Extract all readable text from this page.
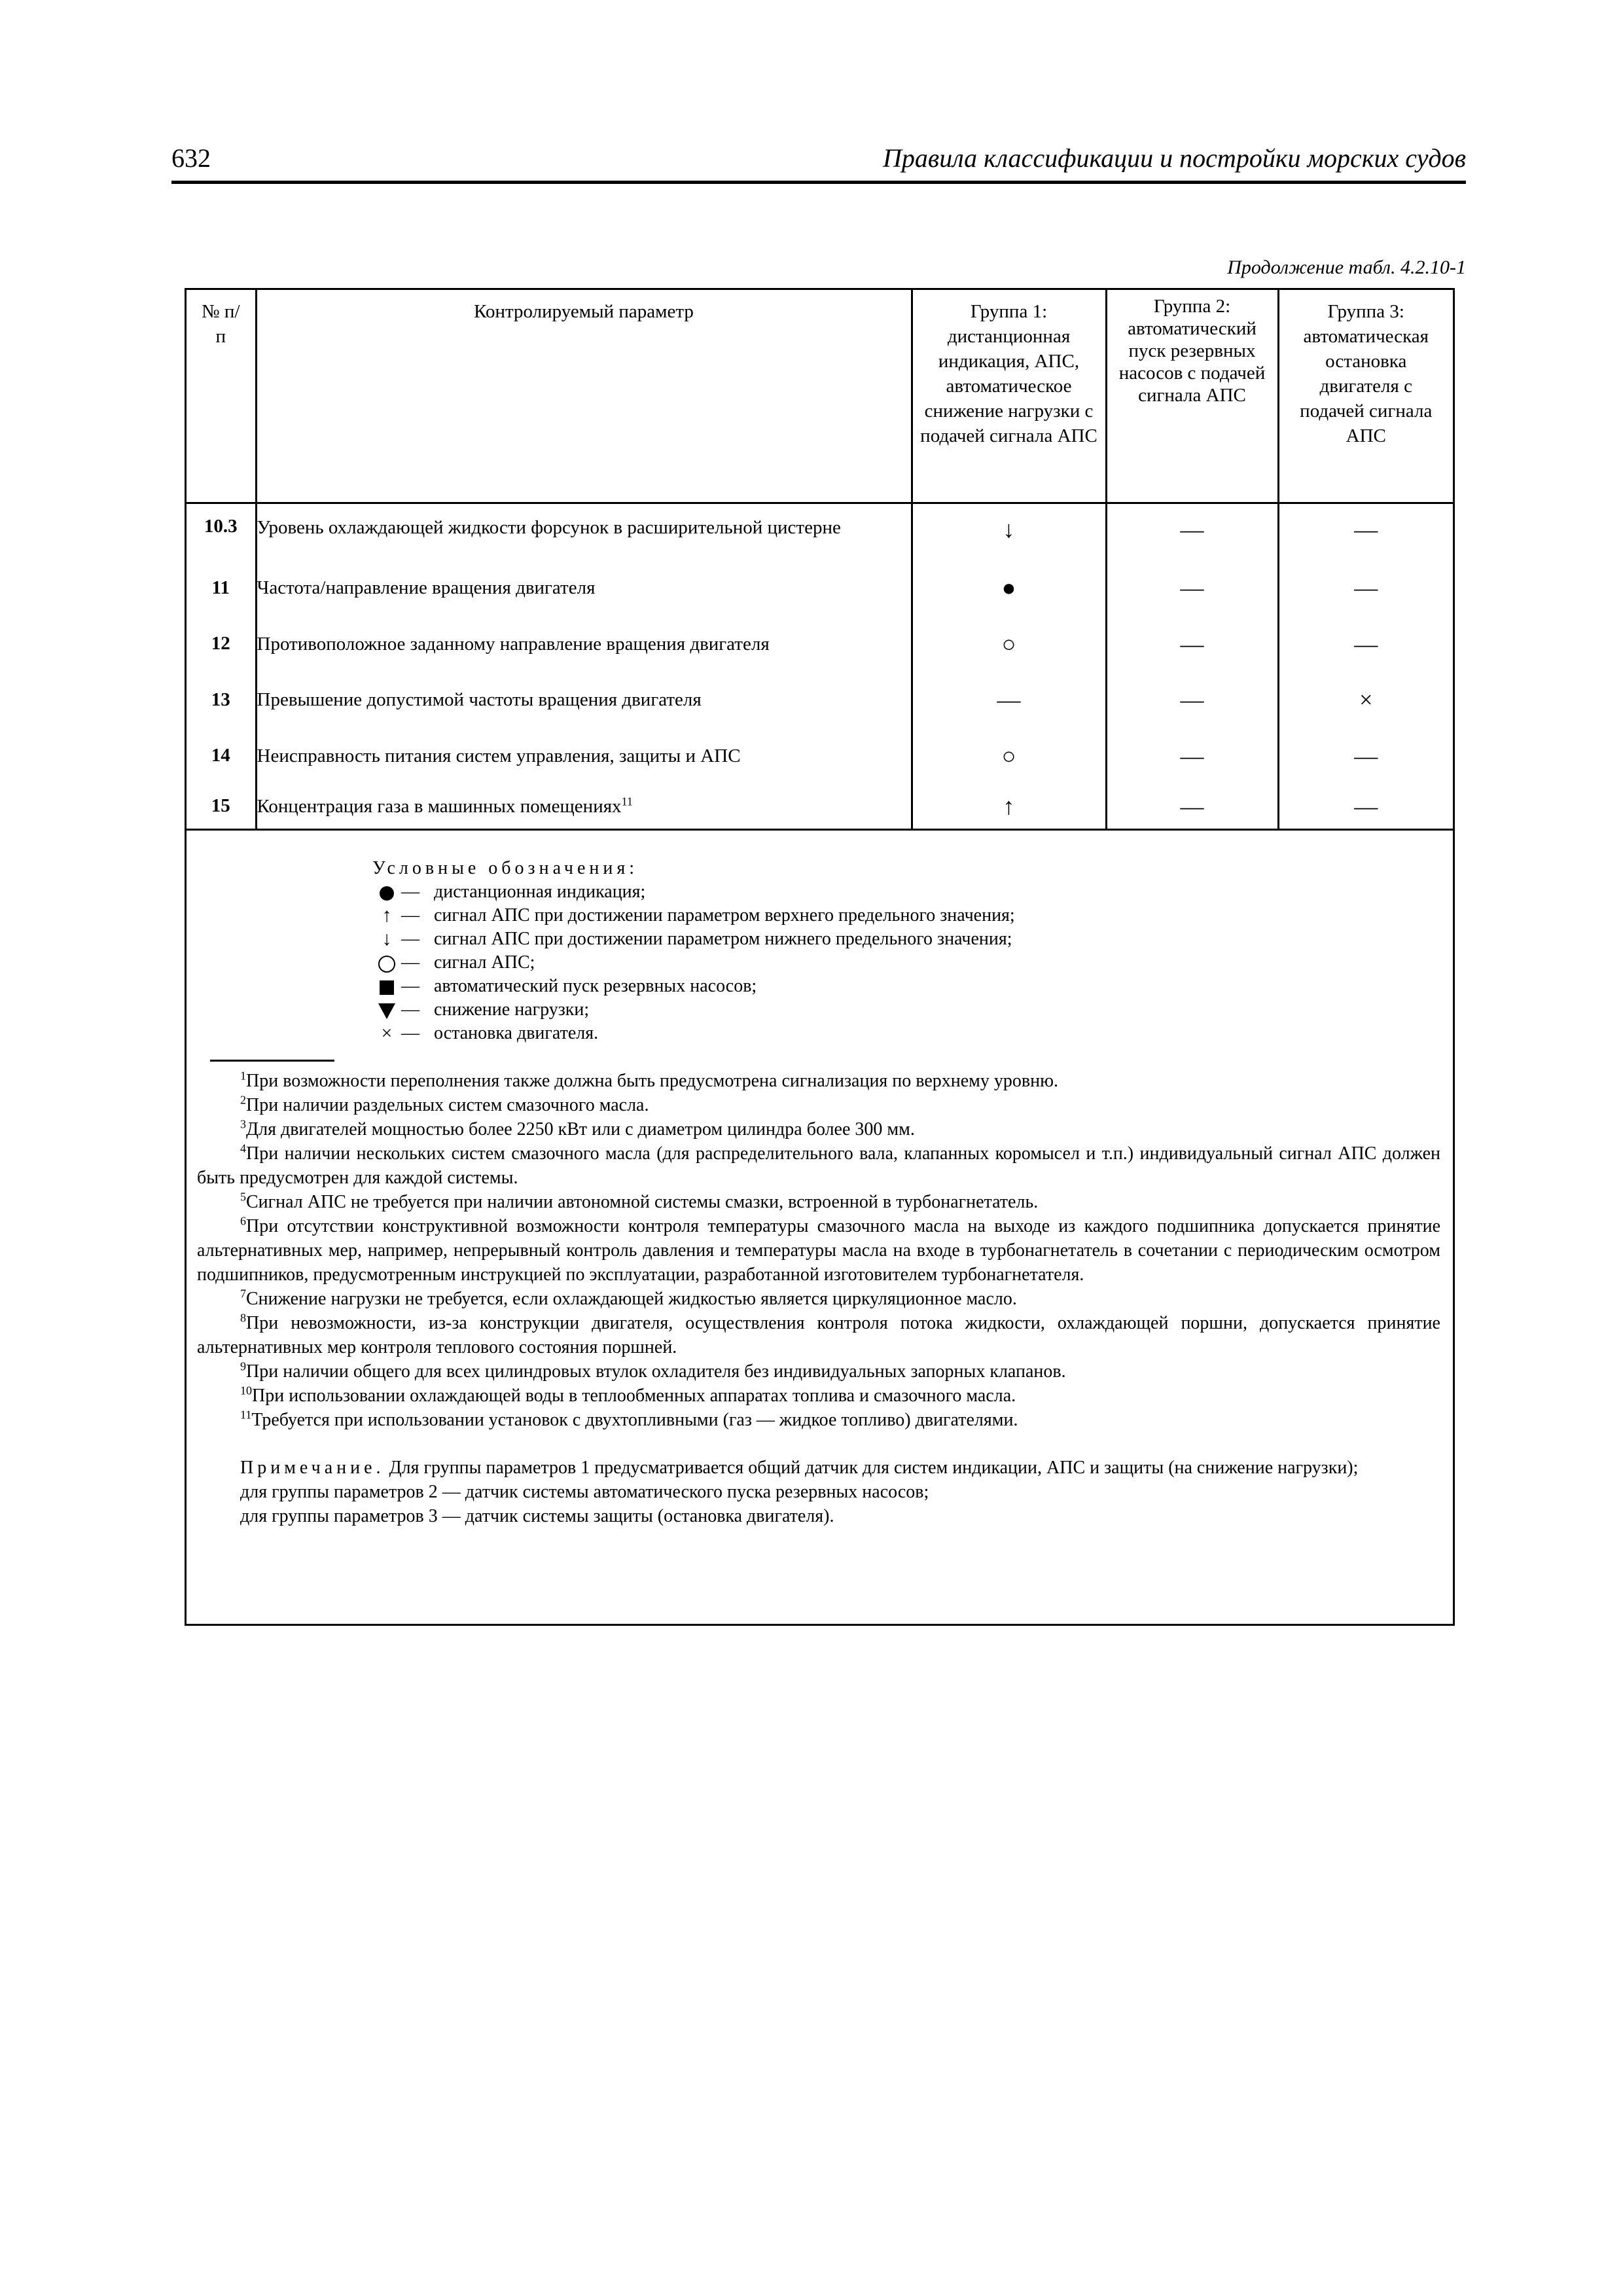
632	Правила классификации и постройки морских судов
Продолжение табл. 4.2.10-1
№ п/п	Контролируемый параметр	Группа 1: дистанционная индикация, АПС, автоматическое снижение нагрузки с подачей сигнала АПС	Группа 2: автоматический пуск резервных насосов с подачей сигнала АПС	Группа 3: автоматическая остановка двигателя с подачей сигнала АПС
10.3	Уровень охлаждающей жидкости форсунок в расширительной цистерне	↓	—	—
11	Частота/направление вращения двигателя	●	—	—
12	Противоположное заданному направление вращения двигателя	○	—	—
13	Превышение допустимой частоты вращения двигателя	—	—	×
14	Неисправность питания систем управления, защиты и АПС	○	—	—
15	Концентрация газа в машинных помещениях$^{11}$	↑	—	—
Условные обозначения:
— дистанционная индикация;
↑ — сигнал АПС при достижении параметром верхнего предельного значения;
↓ — сигнал АПС при достижении параметром нижнего предельного значения;
— сигнал АПС;
— автоматический пуск резервных насосов;
— снижение нагрузки;
× — остановка двигателя.
$^1$При возможности переполнения также должна быть предусмотрена сигнализация по верхнему уровню.
$^2$При наличии раздельных систем смазочного масла.
$^3$Для двигателей мощностью более 2250 кВт или с диаметром цилиндра более 300 мм.
$^4$При наличии нескольких систем смазочного масла (для распределительного вала, клапанных коромысел и т.п.) индивидуальный сигнал АПС должен быть предусмотрен для каждой системы.
$^5$Сигнал АПС не требуется при наличии автономной системы смазки, встроенной в турбонагнетатель.
$^6$При отсутствии конструктивной возможности контроля температуры смазочного масла на выходе из каждого подшипника допускается принятие альтернативных мер, например, непрерывный контроль давления и температуры масла на входе в турбонагнетатель в сочетании с периодическим осмотром подшипников, предусмотренным инструкцией по эксплуатации, разработанной изготовителем турбонагнетателя.
$^7$Снижение нагрузки не требуется, если охлаждающей жидкостью является циркуляционное масло.
$^8$При невозможности, из-за конструкции двигателя, осуществления контроля потока жидкости, охлаждающей поршни, допускается принятие альтернативных мер контроля теплового состояния поршней.
$^9$При наличии общего для всех цилиндровых втулок охладителя без индивидуальных запорных клапанов.
$^{10}$При использовании охлаждающей воды в теплообменных аппаратах топлива и смазочного масла.
$^{11}$Требуется при использовании установок с двухтопливными (газ — жидкое топливо) двигателями.
Примечание. Для группы параметров 1 предусматривается общий датчик для систем индикации, АПС и защиты (на снижение нагрузки);
для группы параметров 2 — датчик системы автоматического пуска резервных насосов;
для группы параметров 3 — датчик системы защиты (остановка двигателя).
